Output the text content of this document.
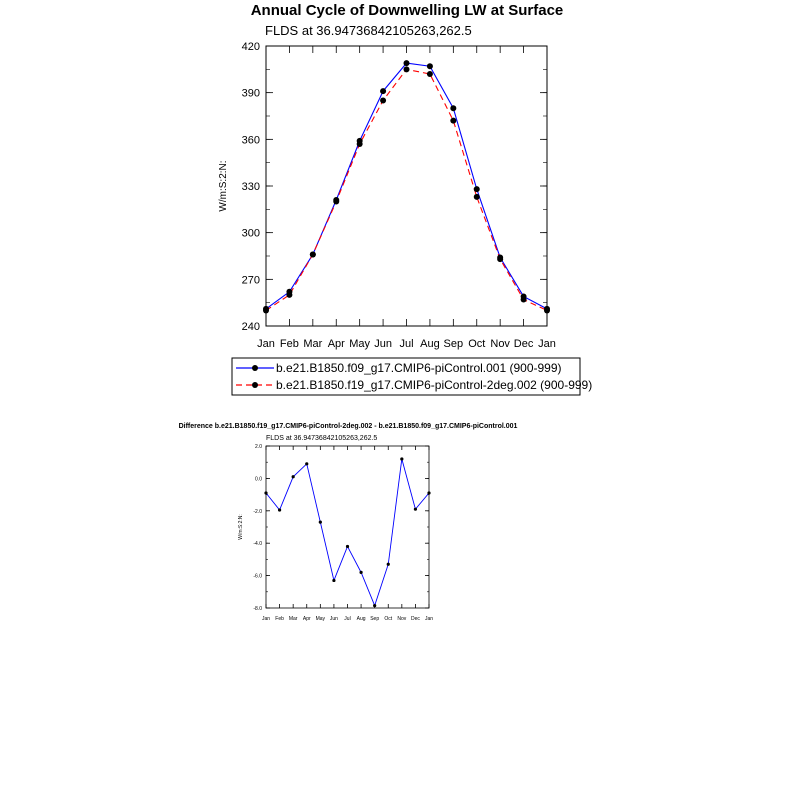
Annual Cycle of Downwelling LW at Surface
FLDS at 36.94736842105263,262.5
240
270
300
330
360
390
420
Jan Feb Mar Apr May Jun Jul Aug Sep Oct Nov Dec Jan
W/m:S:2:N:
b.e21.B1850.f09_g17.CMIP6-piControl.001 (900-999)
b.e21.B1850.f19_g17.CMIP6-piControl-2deg.002 (900-999)
Difference b.e21.B1850.f19_g17.CMIP6-piControl-2deg.002 - b.e21.B1850.f09_g17.CMIP6-piControl.001
FLDS at 36.94736842105263,262.5
-8.0
-6.0
-4.0
-2.0
0.0
2.0
Jan Feb Mar Apr May Jun Jul Aug Sep Oct Nov Dec Jan
W/m:S:2:N:
